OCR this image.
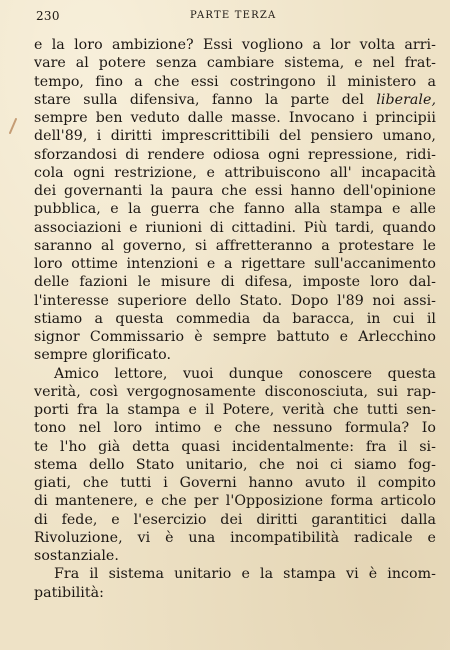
230	PARTE TERZA
e la loro ambizione? Essi vogliono a lor volta arri-
vare al potere senza cambiare sistema, e nel frat-
tempo, fino a che essi costringono il ministero a
stare sulla difensiva, fanno la parte del liberale,
sempre ben veduto dalle masse. Invocano i principii
dell'89, i diritti imprescrittibili del pensiero umano,
sforzandosi di rendere odiosa ogni repressione, ridi-
cola ogni restrizione, e attribuiscono all' incapacità
dei governanti la paura che essi hanno dell'opinione
pubblica, e la guerra che fanno alla stampa e alle
associazioni e riunioni di cittadini. Più tardi, quando
saranno al governo, si affretteranno a protestare le
loro ottime intenzioni e a rigettare sull'accanimento
delle fazioni le misure di difesa, imposte loro dal-
l'interesse superiore dello Stato. Dopo l'89 noi assi-
stiamo a questa commedia da baracca, in cui il
signor Commissario è sempre battuto e Arlecchino
sempre glorificato.
Amico lettore, vuoi dunque conoscere questa
verità, così vergognosamente disconosciuta, sui rap-
porti fra la stampa e il Potere, verità che tutti sen-
tono nel loro intimo e che nessuno formula? Io
te l'ho già detta quasi incidentalmente: fra il si-
stema dello Stato unitario, che noi ci siamo fog-
giati, che tutti i Governi hanno avuto il compito
di mantenere, e che per l'Opposizione forma articolo
di fede, e l'esercizio dei diritti garantitici dalla
Rivoluzione, vi è una incompatibilità radicale e
sostanziale.
Fra il sistema unitario e la stampa vi è incom-
patibilità:
